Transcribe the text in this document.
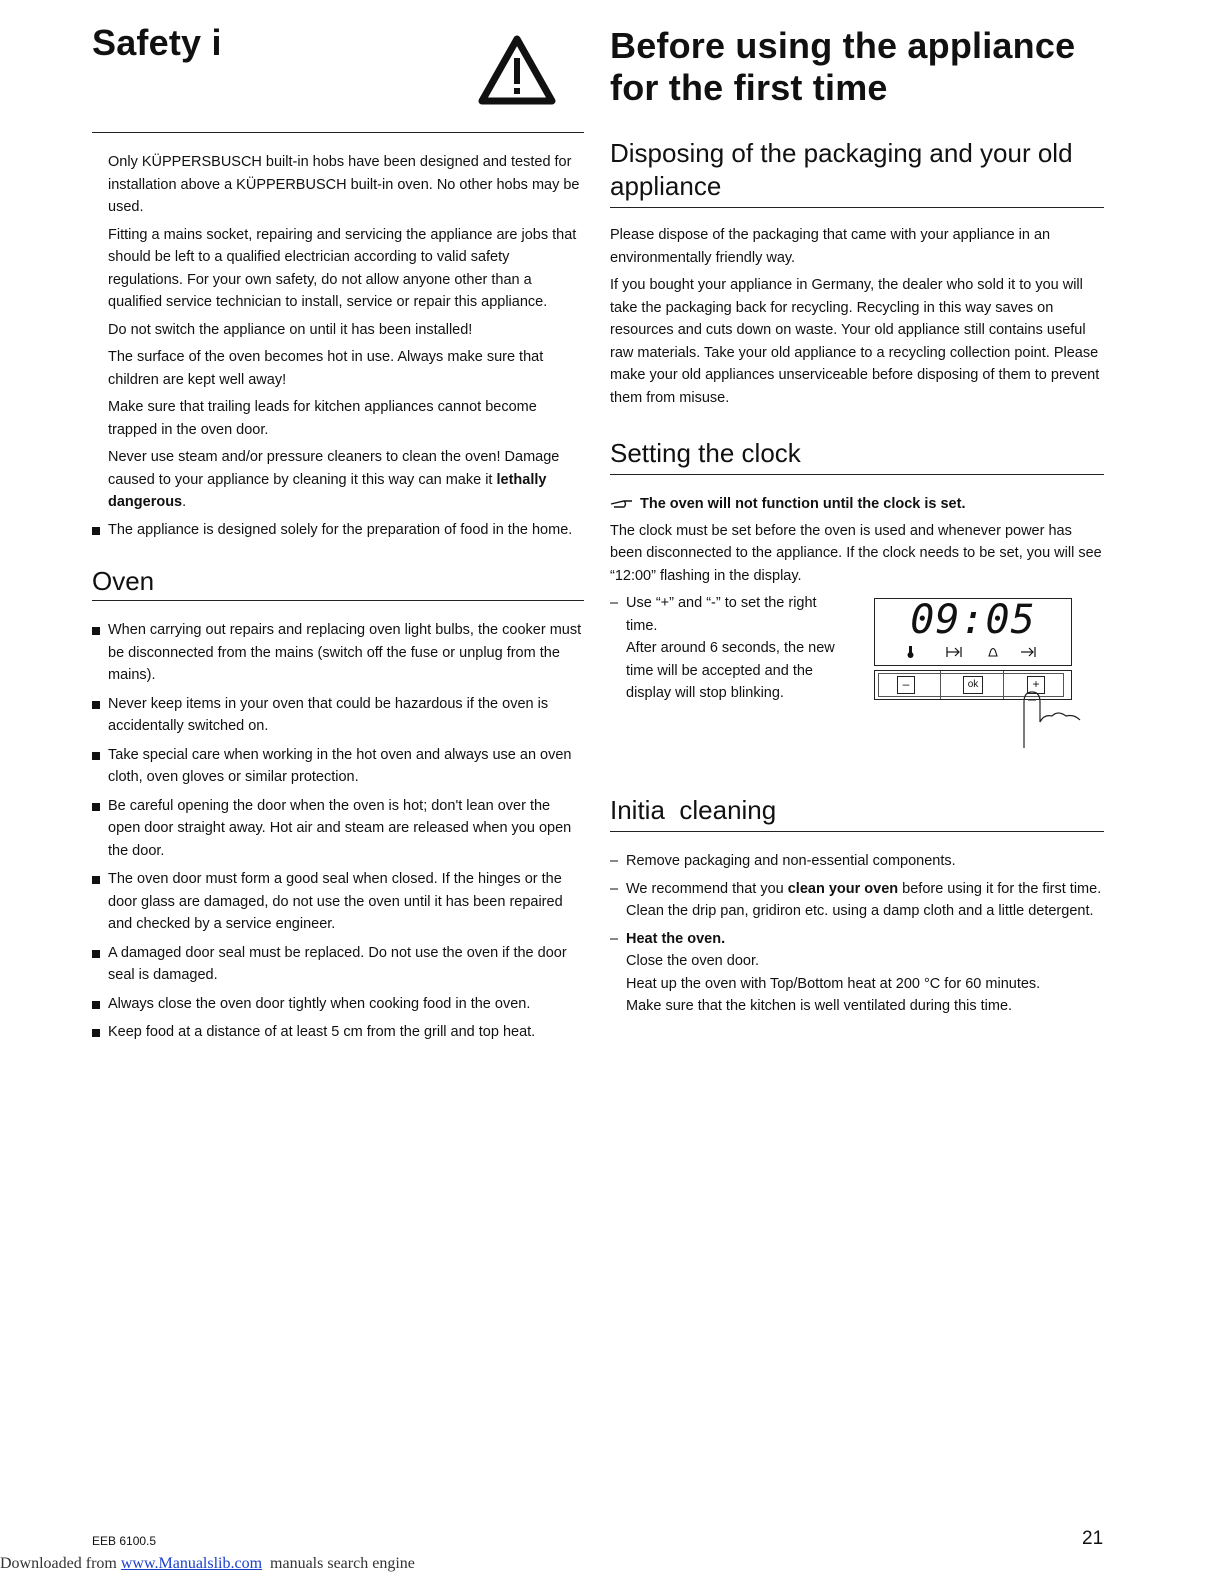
Safety i

Only KÜPPERSBUSCH built-in hobs have been designed and tested for installation above a KÜPPERBUSCH built-in oven. No other hobs may be used.

Fitting a mains socket, repairing and servicing the appliance are jobs that should be left to a qualified electrician according to valid safety regulations. For your own safety, do not allow anyone other than a qualified service technician to install, service or repair this appliance.

Do not switch the appliance on until it has been installed!

The surface of the oven becomes hot in use. Always make sure that children are kept well away!

Make sure that trailing leads for kitchen appliances cannot become trapped in the oven door.

Never use steam and/or pressure cleaners to clean the oven! Damage caused to your appliance by cleaning it this way can make it lethally dangerous.

The appliance is designed solely for the preparation of food in the home.
Oven
When carrying out repairs and replacing oven light bulbs, the cooker must be disconnected from the mains (switch off the fuse or unplug from the mains).
Never keep items in your oven that could be hazardous if the oven is accidentally switched on.
Take special care when working in the hot oven and always use an oven cloth, oven gloves or similar protection.
Be careful opening the door when the oven is hot; don't lean over the open door straight away. Hot air and steam are released when you open the door.
The oven door must form a good seal when closed. If the hinges or the door glass are damaged, do not use the oven until it has been repaired and checked by a service engineer.
A damaged door seal must be replaced. Do not use the oven if the door seal is damaged.
Always close the oven door tightly when cooking food in the oven.
Keep food at a distance of at least 5 cm from the grill and top heat.
Before using the appliance for the first time
Disposing of the packaging and your old appliance

Please dispose of the packaging that came with your appliance in an environmentally friendly way.

If you bought your appliance in Germany, the dealer who sold it to you will take the packaging back for recycling. Recycling in this way saves on resources and cuts down on waste. Your old appliance still contains useful raw materials. Take your old appliance to a recycling collection point. Please make your old appliances unserviceable before disposing of them to prevent them from misuse.

Setting the clock
The oven will not function until the clock is set.

The clock must be set before the oven is used and whenever power has been disconnected to the appliance. If the clock needs to be set, you will see “12:00” flashing in the display.

– Use “+” and “-” to set the right time.
After around 6 seconds, the new time will be accepted and the display will stop blinking.
09:05
–	ok	+
Initia  cleaning
– Remove packaging and non-essential components.
– We recommend that you clean your oven before using it for the first time. Clean the drip pan, gridiron etc. using a damp cloth and a little detergent.
– Heat the oven.
Close the oven door.
Heat up the oven with Top/Bottom heat at 200 °C for 60 minutes.
Make sure that the kitchen is well ventilated during this time.
EEB 6100.5	21
Downloaded from www.Manualslib.com  manuals search engine
